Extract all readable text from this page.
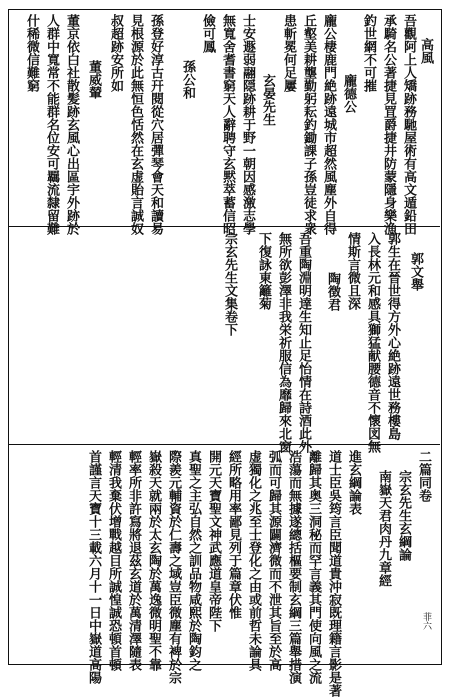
高風
吾觀阿上人矯跡務馳屋術有高文遁鉛田
承騎名公著捷見罝爵捷井防蒙隱身樂漁
釣世網不可摧
龐德公
龐公棲鹿門絶跡遠城市超然風塵外自得
丘壑美耕壟勤躬耘釣鋤課子孫豈徒求衆
患斬冕何足屢
玄晏先生
士安遯弱翮隠跡耕于野一朝因感激志學
無寬舍耆書窮天人辭聘守玄黙萃蓄信昭
儉可鳳
孫公和
孫登好淳古幵閱從穴居彈琴會天和讀易
見根源於此無恒色恬然在玄虚貽言誠奴
叔超跡安所如
董威輦
董京依白社散髪跡玄風心出區宇外跡於
人群中寬常不能群名位安可羈流隸留難
什稀微信難窮
郭文舉
郭生在晉世得方外心絶跡遠世務樓島
入長林元和感具獅猛献腰德音不懷図無
情斯言微且深
陶徴君
吾重陶淵明達生知止足怡情在詩酒此外
無所欲彭澤非我栄祈服信為靡歸來北窗
下復詠東籬菊
宗玄先生文集卷下
二篇同卷
宗玄先生玄綱論
南嶽天君肉丹九章經
進玄綱論表
道士臣吳筠言臣聞道貴沖寂既理籍言影是著
離歸其奥三洞秘而罕言義其門使向風之流
浩蕩而無據遂總括樞要制玄綱三篇舉措演
弧而可歸其源闢濟微而不泄其旨至於高
虚獨化之兆至士登化之由或前哲未論具
經所略用率鄙見列于篇章伏惟
開元天寶聖文神武應道皇帝陛下
真聖之主弘自然之訓品物咸熙於陶鈞之
際羨元輔資於仁壽之域豈臣微塵有裨於宗
嶽殺天就兩於太玄陶於萬逸微明聖不靠
輕率所非許寫將退茲玄道於萬清澤隨表
輕清我棄伏增戰越目所誠惶誠恐頓首頓
首謹言天寶十三載六月十一日中嶽道高陽	菲六
